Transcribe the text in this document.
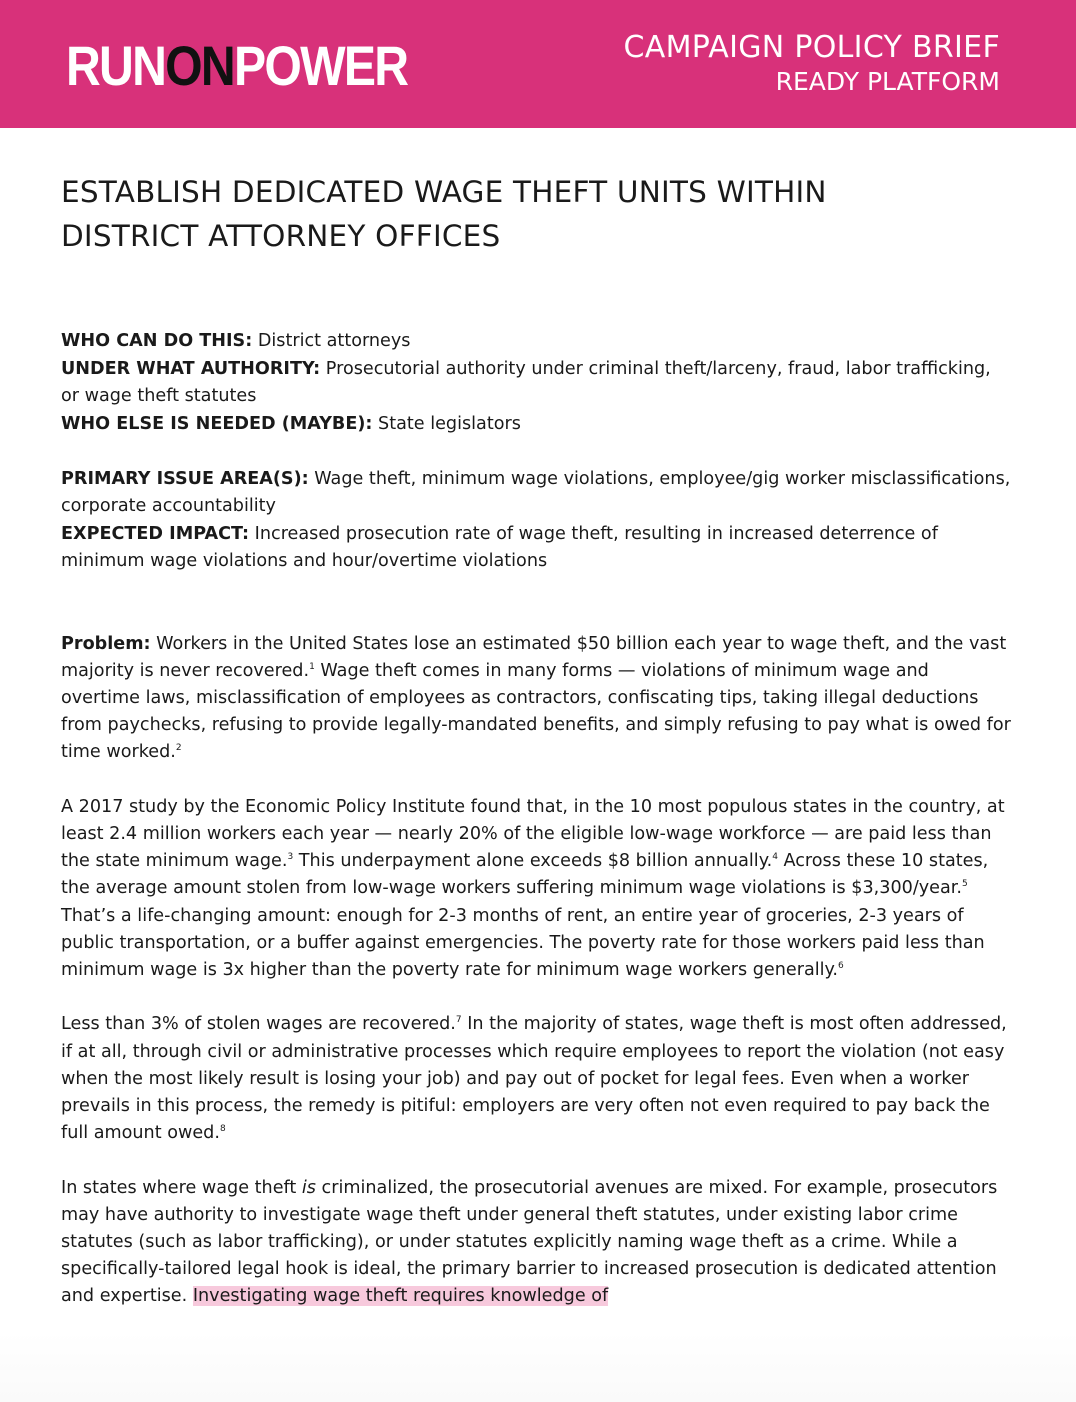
RUNONPOWER	CAMPAIGN POLICY BRIEF
READY PLATFORM
ESTABLISH DEDICATED WAGE THEFT UNITS WITHIN
DISTRICT ATTORNEY OFFICES

WHO CAN DO THIS: District attorneys

UNDER WHAT AUTHORITY: Prosecutorial authority under criminal theft/larceny, fraud, labor trafficking, or wage theft statutes

WHO ELSE IS NEEDED (MAYBE): State legislators

PRIMARY ISSUE AREA(S): Wage theft, minimum wage violations, employee/gig worker misclassifications, corporate accountability

EXPECTED IMPACT: Increased prosecution rate of wage theft, resulting in increased deterrence of minimum wage violations and hour/overtime violations

Problem: Workers in the United States lose an estimated $50 billion each year to wage theft, and the vast majority is never recovered.$^1$ Wage theft comes in many forms — violations of minimum wage and overtime laws, misclassification of employees as contractors, confiscating tips, taking illegal deductions from paychecks, refusing to provide legally-mandated benefits, and simply refusing to pay what is owed for time worked.$^2$

A 2017 study by the Economic Policy Institute found that, in the 10 most populous states in the country, at least 2.4 million workers each year — nearly 20% of the eligible low-wage workforce — are paid less than the state minimum wage.$^3$ This underpayment alone exceeds $8 billion annually.$^4$ Across these 10 states, the average amount stolen from low-wage workers suffering minimum wage violations is $3,300/year.$^5$ That’s a life-changing amount: enough for 2-3 months of rent, an entire year of groceries, 2-3 years of public transportation, or a buffer against emergencies. The poverty rate for those workers paid less than minimum wage is 3x higher than the poverty rate for minimum wage workers generally.$^6$

Less than 3% of stolen wages are recovered.$^7$ In the majority of states, wage theft is most often addressed, if at all, through civil or administrative processes which require employees to report the violation (not easy when the most likely result is losing your job) and pay out of pocket for legal fees. Even when a worker prevails in this process, the remedy is pitiful: employers are very often not even required to pay back the full amount owed.$^8$

In states where wage theft is criminalized, the prosecutorial avenues are mixed. For example, prosecutors may have authority to investigate wage theft under general theft statutes, under existing labor crime statutes (such as labor trafficking), or under statutes explicitly naming wage theft as a crime. While a specifically-tailored legal hook is ideal, the primary barrier to increased prosecution is dedicated attention and expertise. Investigating wage theft requires knowledge of
